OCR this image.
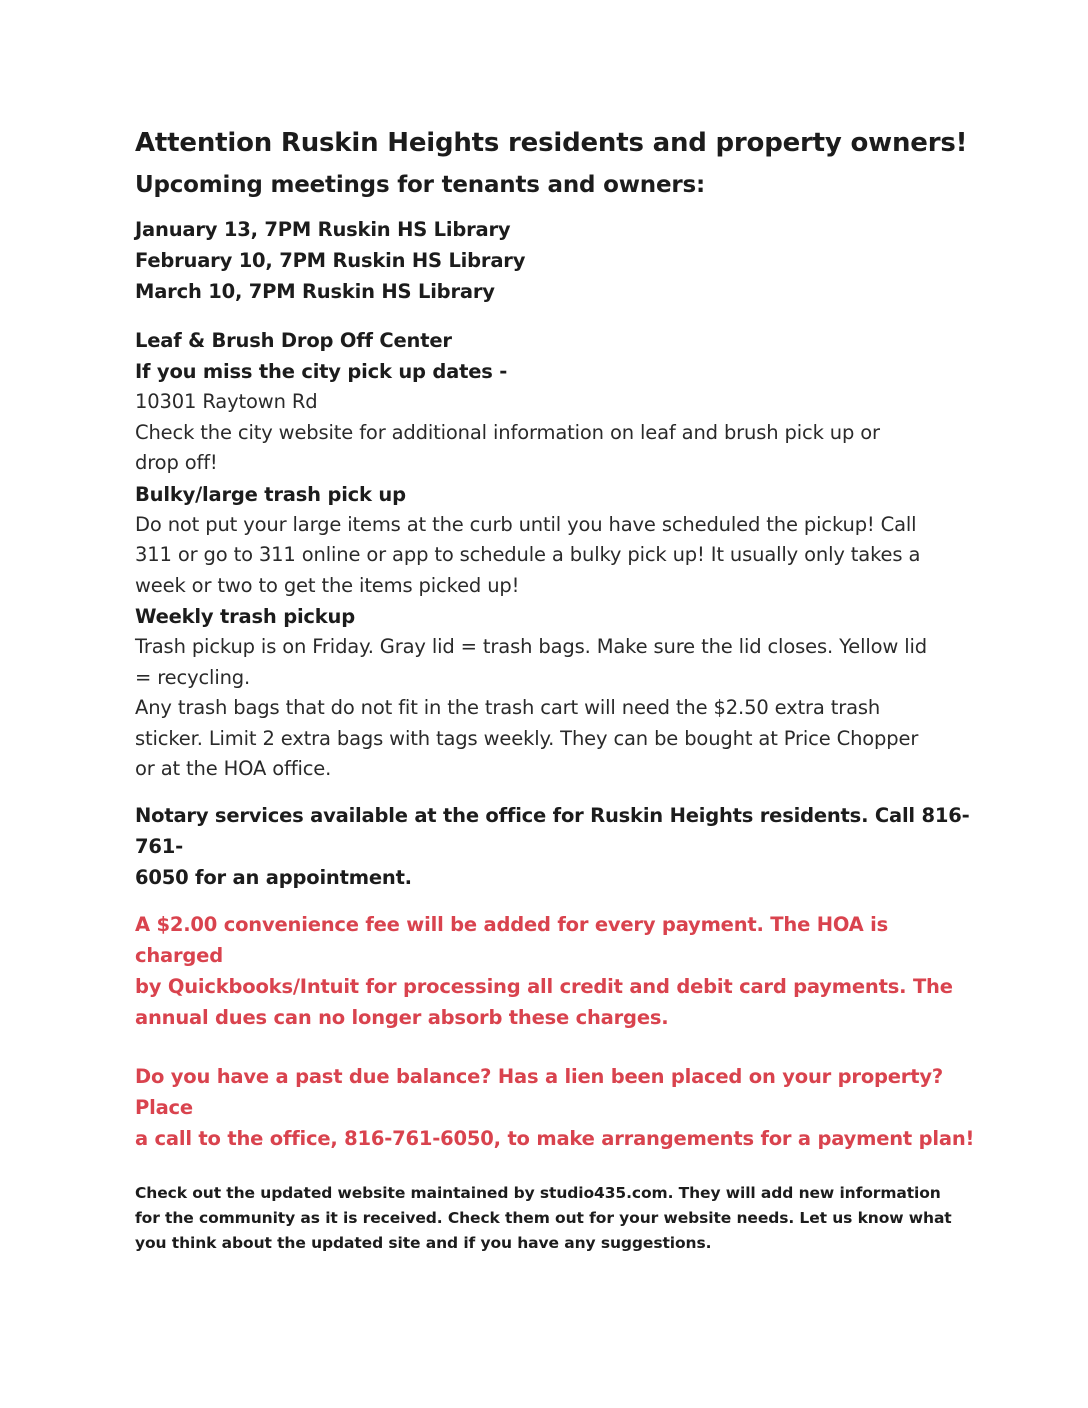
Attention Ruskin Heights residents and property owners!
Upcoming meetings for tenants and owners:
January 13, 7PM Ruskin HS Library
February 10, 7PM Ruskin HS Library
March 10, 7PM Ruskin HS Library
Leaf & Brush Drop Off Center
If you miss the city pick up dates -
10301 Raytown Rd
Check the city website for additional information on leaf and brush pick up or
drop off!
Bulky/large trash pick up
Do not put your large items at the curb until you have scheduled the pickup! Call
311 or go to 311 online or app to schedule a bulky pick up! It usually only takes a
week or two to get the items picked up!
Weekly trash pickup
Trash pickup is on Friday. Gray lid = trash bags. Make sure the lid closes. Yellow lid
= recycling.
Any trash bags that do not fit in the trash cart will need the $2.50 extra trash
sticker. Limit 2 extra bags with tags weekly. They can be bought at Price Chopper
or at the HOA office.
Notary services available at the office for Ruskin Heights residents. Call 816-761-
6050 for an appointment.
A $2.00 convenience fee will be added for every payment. The HOA is charged
by Quickbooks/Intuit for processing all credit and debit card payments. The
annual dues can no longer absorb these charges.
Do you have a past due balance? Has a lien been placed on your property? Place
a call to the office, 816-761-6050, to make arrangements for a payment plan!
Check out the updated website maintained by studio435.com. They will add new information
for the community as it is received. Check them out for your website needs. Let us know what
you think about the updated site and if you have any suggestions.
